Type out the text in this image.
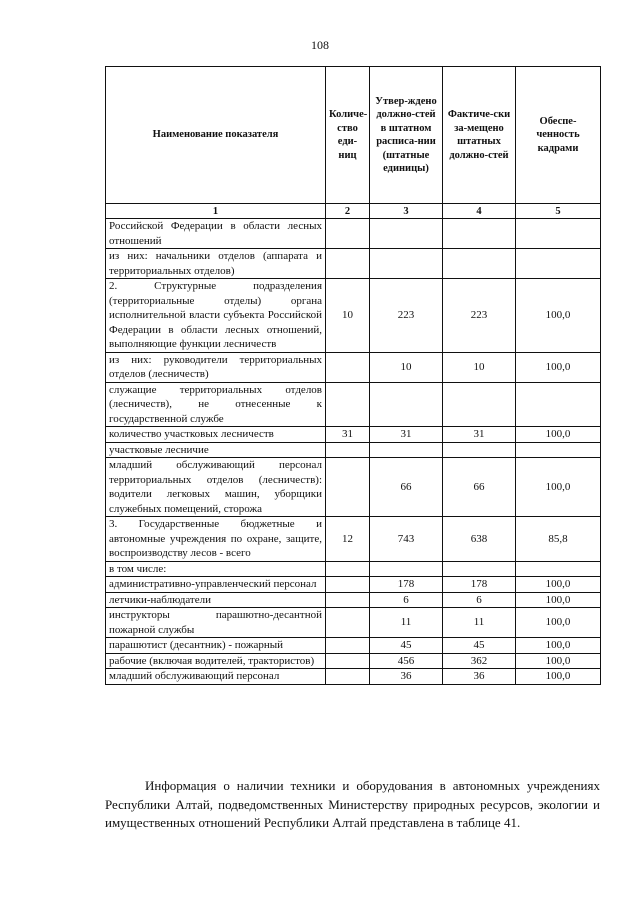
108
Наименование показателя	Количе-ство еди-ниц	Утвер-ждено должно-стей в штатном расписа-нии (штатные единицы)	Фактиче-ски за-мещено штатных должно-стей	Обеспе-ченность кадрами
1	2	3	4	5
Российской Федерации в области лесных отношений				
из них: начальники отделов (аппарата и территориальных отделов)				
2. Структурные подразделения (территориальные отделы) органа исполнительной власти субъекта Российской Федерации в области лесных отношений, выполняющие функции лесничеств	10	223	223	100,0
из них: руководители территориальных отделов (лесничеств)		10	10	100,0
служащие территориальных отделов (лесничеств), не отнесенные к государственной службе				
количество участковых лесничеств	31	31	31	100,0
участковые лесничие				
младший обслуживающий персонал территориальных отделов (лесничеств): водители легковых машин, уборщики служебных помещений, сторожа		66	66	100,0
3. Государственные бюджетные и автономные учреждения по охране, защите, воспроизводству лесов - всего	12	743	638	85,8
в том числе:				
административно-управленческий персонал		178	178	100,0
летчики-наблюдатели		6	6	100,0
инструкторы парашютно-десантной пожарной службы		11	11	100,0
парашютист (десантник) - пожарный		45	45	100,0
рабочие (включая водителей, трактористов)		456	362	100,0
младший обслуживающий персонал		36	36	100,0

Информация о наличии техники и оборудования в автономных учреждениях Республики Алтай, подведомственных Министерству природных ресурсов, экологии и имущественных отношений Республики Алтай представлена в таблице 41.
